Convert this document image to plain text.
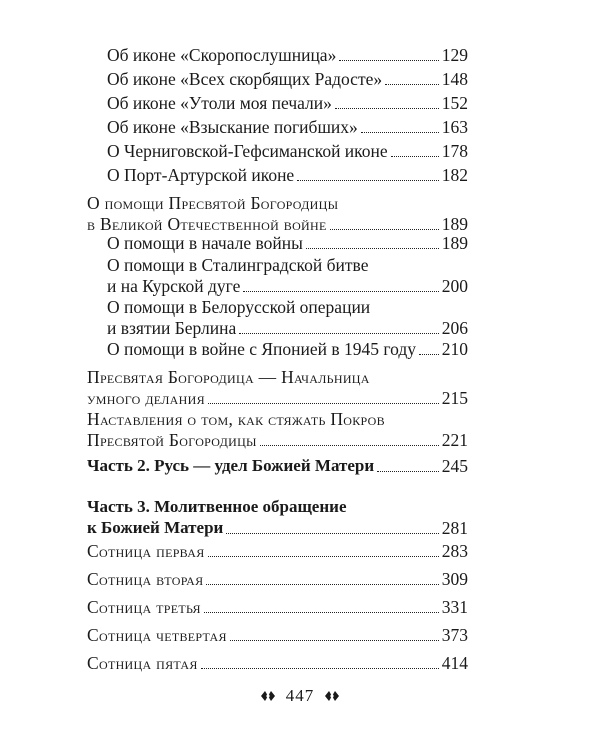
Об иконе «Скоропослушница»	129
Об иконе «Всех скорбящих Радосте»	148
Об иконе «Утоли моя печали»	152
Об иконе «Взыскание погибших»	163
О Черниговской-Гефсиманской иконе	178
О Порт-Артурской иконе	182
О помощи Пресвятой Богородицы
в Великой Отечественной войне	189
О помощи в начале войны	189
О помощи в Сталинградской битве
и на Курской дуге	200
О помощи в Белорусской операции
и взятии Берлина	206
О помощи в войне с Японией в 1945 году 210
Пресвятая Богородица — Начальница
умного делания	215
Наставления о том, как стяжать Покров
Пресвятой Богородицы	221
Часть 2. Русь — удел Божией Матери	245
Часть 3. Молитвенное обращение
к Божией Матери	281
Сотница первая	283
Сотница вторая	309
Сотница третья	331
Сотница четвертая	373
Сотница пятая	414
447
